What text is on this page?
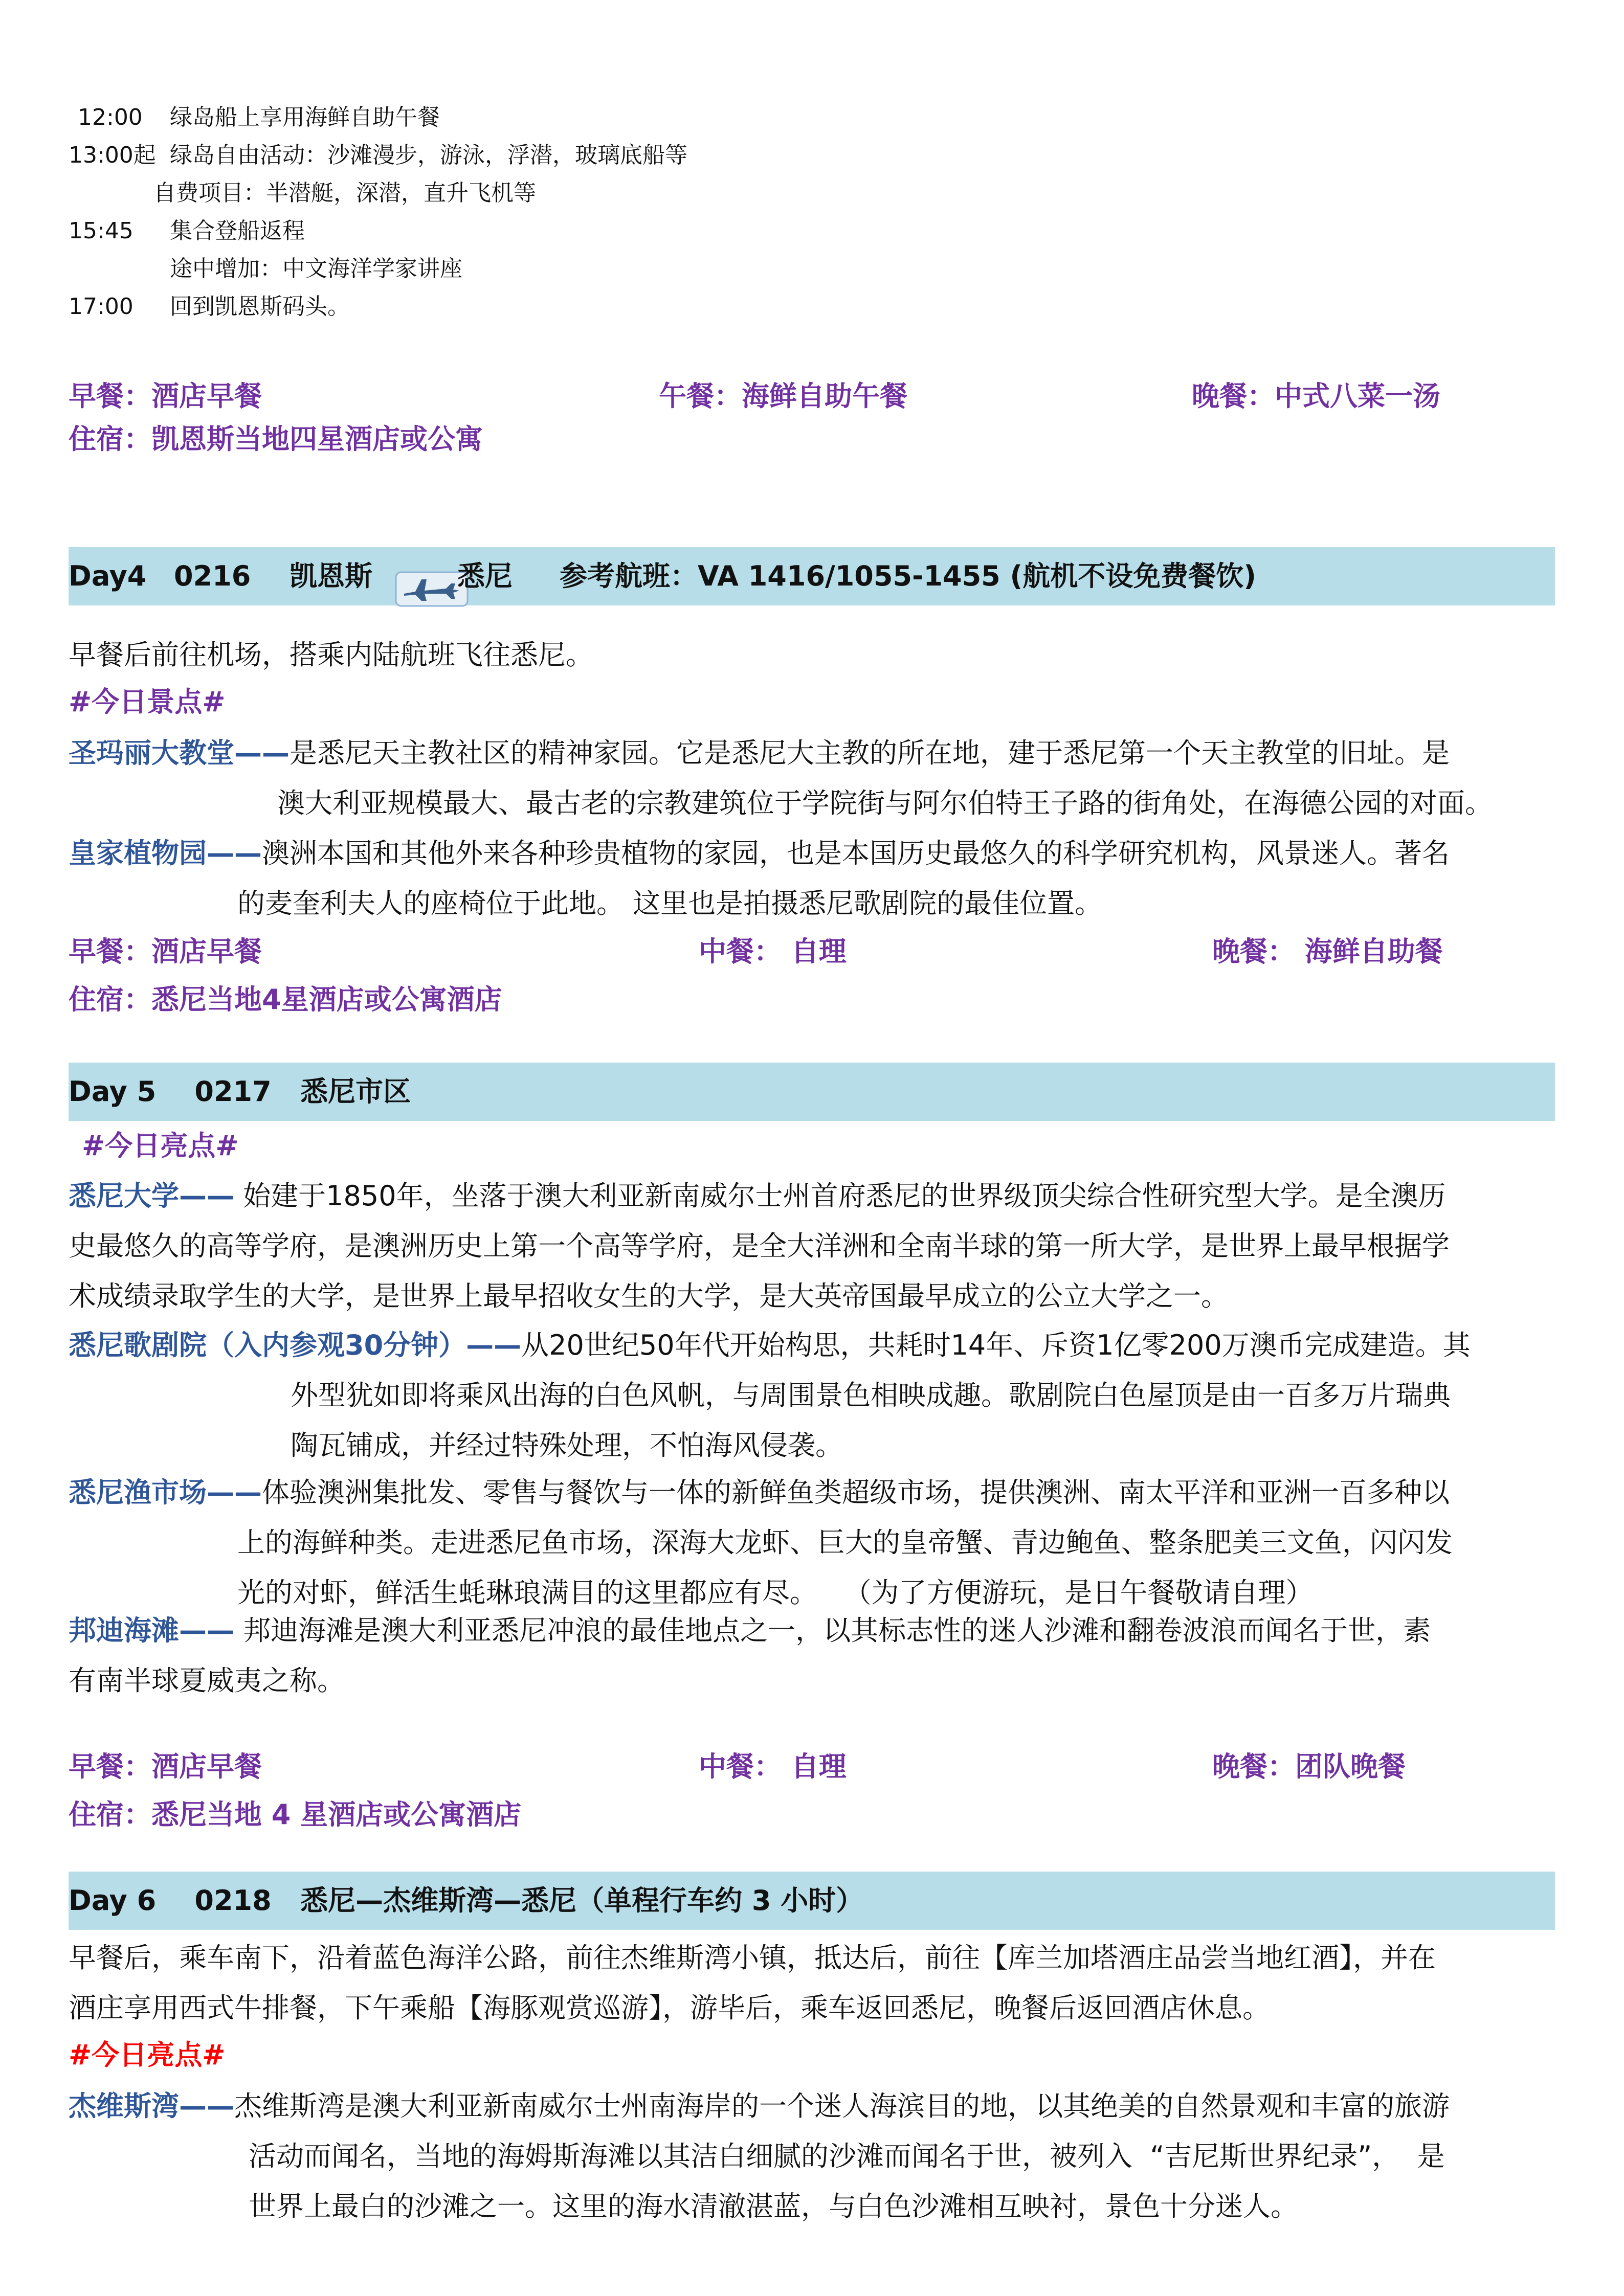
12:00 绿岛船上享用海鲜自助午餐
13:00起 绿岛自由活动：沙滩漫步，游泳，浮潜，玻璃底船等
自费项目：半潜艇，深潜，直升飞机等
15:45 集合登船返程
途中增加：中文海洋学家讲座
17:00 回到凯恩斯码头。
早餐：酒店早餐	午餐：海鲜自助午餐	晚餐：中式八菜一汤
住宿：凯恩斯当地四星酒店或公寓
Day4 0216 凯恩斯	悉尼 参考航班：VA 1416/1055-1455 (航机不设免费餐饮)
早餐后前往机场，搭乘内陆航班飞往悉尼。
#今日景点#
圣玛丽大教堂——是悉尼天主教社区的精神家园。它是悉尼大主教的所在地，建于悉尼第一个天主教堂的旧址。是
澳大利亚规模最大、最古老的宗教建筑位于学院街与阿尔伯特王子路的街角处，在海德公园的对面。
皇家植物园——澳洲本国和其他外来各种珍贵植物的家园，也是本国历史最悠久的科学研究机构，风景迷人。著名
的麦奎利夫人的座椅位于此地。 这里也是拍摄悉尼歌剧院的最佳位置。
早餐：酒店早餐	中餐： 自理	晚餐： 海鲜自助餐
住宿：悉尼当地4星酒店或公寓酒店
Day 5    0217   悉尼市区
#今日亮点#
悉尼大学—— 始建于1850年，坐落于澳大利亚新南威尔士州首府悉尼的世界级顶尖综合性研究型大学。是全澳历
史最悠久的高等学府，是澳洲历史上第一个高等学府，是全大洋洲和全南半球的第一所大学，是世界上最早根据学
术成绩录取学生的大学，是世界上最早招收女生的大学，是大英帝国最早成立的公立大学之一。
悉尼歌剧院（入内参观30分钟）——从20世纪50年代开始构思，共耗时14年、斥资1亿零200万澳币完成建造。其
外型犹如即将乘风出海的白色风帆，与周围景色相映成趣。歌剧院白色屋顶是由一百多万片瑞典
陶瓦铺成，并经过特殊处理，不怕海风侵袭。
悉尼渔市场——体验澳洲集批发、零售与餐饮与一体的新鲜鱼类超级市场，提供澳洲、南太平洋和亚洲一百多种以
上的海鲜种类。走进悉尼鱼市场，深海大龙虾、巨大的皇帝蟹、青边鲍鱼、整条肥美三文鱼，闪闪发
光的对虾，鲜活生蚝琳琅满目的这里都应有尽。   （为了方便游玩，是日午餐敬请自理）
邦迪海滩—— 邦迪海滩是澳大利亚悉尼冲浪的最佳地点之一，以其标志性的迷人沙滩和翻卷波浪而闻名于世，素
有南半球夏威夷之称。
早餐：酒店早餐	中餐： 自理	晚餐：团队晚餐
住宿：悉尼当地 4 星酒店或公寓酒店
Day 6    0218   悉尼—杰维斯湾—悉尼（单程行车约 3 小时）
早餐后，乘车南下，沿着蓝色海洋公路，前往杰维斯湾小镇，抵达后，前往【库兰加塔酒庄品尝当地红酒】，并在
酒庄享用西式牛排餐，下午乘船【海豚观赏巡游】，游毕后，乘车返回悉尼，晚餐后返回酒店休息。
#今日亮点#
杰维斯湾——杰维斯湾是澳大利亚新南威尔士州南海岸的一个迷人海滨目的地，以其绝美的自然景观和丰富的旅游
活动而闻名，当地的海姆斯海滩以其洁白细腻的沙滩而闻名于世，被列入  “吉尼斯世界纪录”，  是
世界上最白的沙滩之一。这里的海水清澈湛蓝，与白色沙滩相互映衬，景色十分迷人。
